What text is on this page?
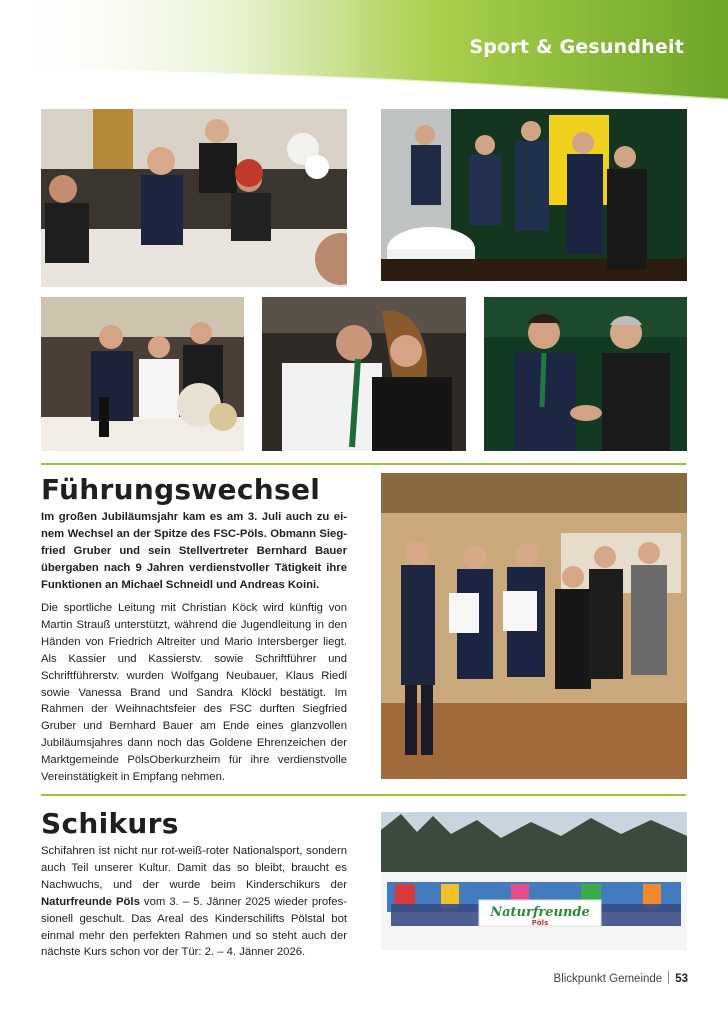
Sport & Gesundheit
Führungswechsel
Im großen Jubiläumsjahr kam es am 3. Juli auch zu einem Wechsel an der Spitze des FSC-Pöls. Obmann Siegfried Gruber und sein Stellvertreter Bernhard Bauer übergaben nach 9 Jahren verdienstvoller Tätigkeit ihre Funktionen an Michael Schneidl und Andreas Koini.
Die sportliche Leitung mit Christian Köck wird künftig von Martin Strauß unterstützt, während die Jugendleitung in den Händen von Friedrich Altreiter und Mario Intersberger liegt. Als Kassier und Kassierstv. sowie Schriftführer und Schriftführerstv. wurden Wolfgang Neubauer, Klaus Riedl sowie Vanessa Brand und Sandra Klöckl bestätigt. Im Rahmen der Weihnachtsfeier des FSC durften Siegfried Gruber und Bernhard Bauer am Ende eines glanzvollen Jubiläumsjahres dann noch das Goldene Ehrenzeichen der Marktgemeinde PölsOberkurzheim für ihre verdienstvolle Vereinstätigkeit in Empfang nehmen.
Schikurs
Schifahren ist nicht nur rot-weiß-roter Nationalsport, sondern auch Teil unserer Kultur. Damit das so bleibt, braucht es Nachwuchs, und der wurde beim Kinderschikurs der Naturfreunde Pöls vom 3. – 5. Jänner 2025 wieder professionell geschult. Das Areal des Kinderschilifts Pölstal bot einmal mehr den perfekten Rahmen und so steht auch der nächste Kurs schon vor der Tür: 2. – 4. Jänner 2026.
Naturfreunde
Pöls
Blickpunkt Gemeinde 53
